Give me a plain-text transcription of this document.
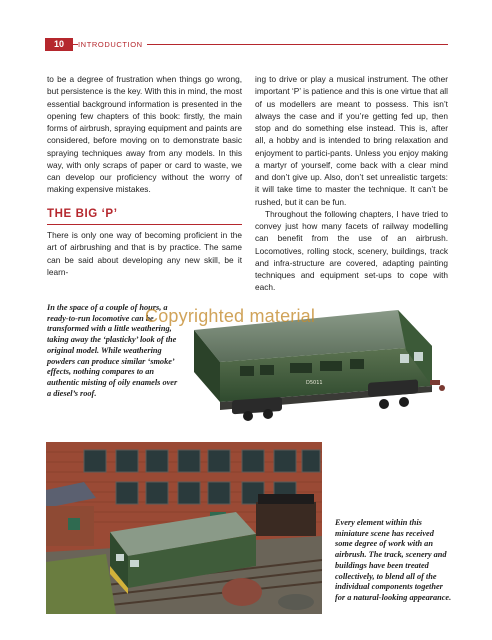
10	INTRODUCTION

to be a degree of frustration when things go wrong, but persistence is the key. With this in mind, the most essential background information is presented in the opening few chapters of this book: firstly, the main forms of airbrush, spraying equipment and paints are considered, before moving on to demonstrate basic spraying techniques away from any models. In this way, with only scraps of paper or card to waste, we can develop our proficiency without the worry of making expensive mistakes.

THE BIG ‘P’

There is only one way of becoming proficient in the art of airbrushing and that is by practice. The same can be said about developing any new skill, be it learn-

ing to drive or play a musical instrument. The other important ‘P’ is patience and this is one virtue that all of us modellers are meant to possess. This isn’t always the case and if you’re getting fed up, then stop and do something else instead. This is, after all, a hobby and is intended to bring relaxation and enjoyment to partici-pants. Unless you enjoy making a martyr of yourself, come back with a clear mind and don’t give up. Also, don’t set unrealistic targets: it will take time to master the technique. It can’t be rushed, but it can be fun.

Throughout the following chapters, I have tried to convey just how many facets of railway modelling can benefit from the use of an airbrush. Locomotives, rolling stock, scenery, buildings, track and infra-structure are covered, adapting painting techniques and equipment set-ups to cope with each.

In the space of a couple of hours, a ready-to-run locomotive can be transformed with a little weathering, taking away the ‘plasticky’ look of the original model. While weathering powders can produce similar ‘smoke’ effects, nothing compares to an authentic misting of oily enamels over a diesel’s roof.
D5011
Copyrighted material
Every element within this miniature scene has received some degree of work with an airbrush. The track, scenery and buildings have been treated collectively, to blend all of the individual components together for a natural-looking appearance.
